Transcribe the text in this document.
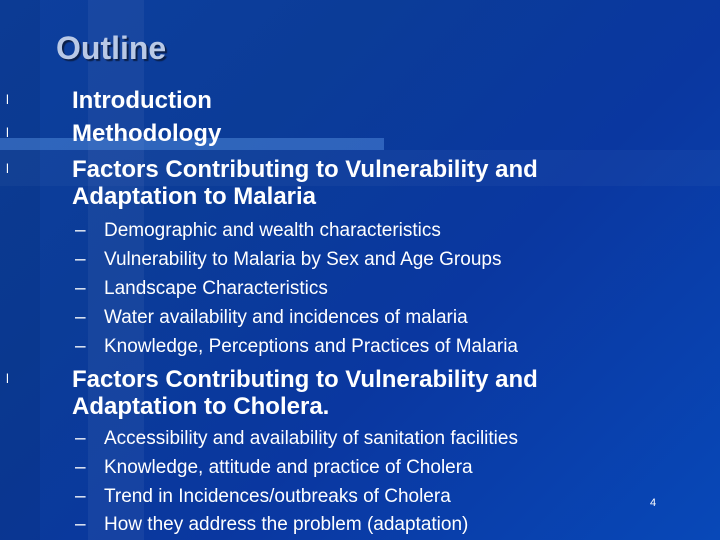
Outline
l	Introduction
l	Methodology
l	Factors Contributing to Vulnerability and
Adaptation to Malaria
– Demographic and wealth characteristics
– Vulnerability to Malaria by Sex and Age Groups
– Landscape Characteristics
– Water availability and incidences of malaria
– Knowledge, Perceptions and Practices of Malaria
l	Factors Contributing to Vulnerability and
Adaptation to Cholera.
– Accessibility and availability of sanitation facilities
– Knowledge, attitude and practice of Cholera
– Trend in Incidences/outbreaks of Cholera
– How they address the problem (adaptation)
4
